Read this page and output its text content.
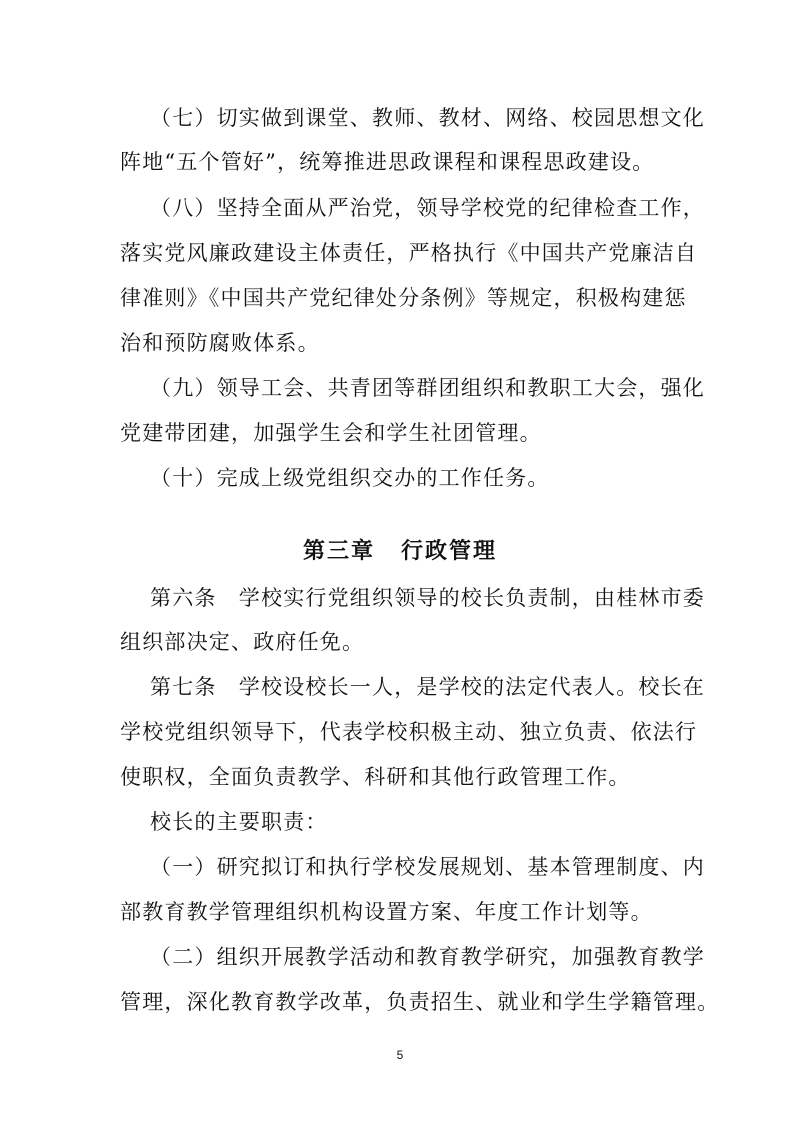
（七）切实做到课堂、教师、教材、网络、校园思想文化
阵地“五个管好”，统筹推进思政课程和课程思政建设。
（八）坚持全面从严治党，领导学校党的纪律检查工作，
落实党风廉政建设主体责任，严格执行《中国共产党廉洁自
律准则》《中国共产党纪律处分条例》等规定，积极构建惩
治和预防腐败体系。
（九）领导工会、共青团等群团组织和教职工大会，强化
党建带团建，加强学生会和学生社团管理。
（十）完成上级党组织交办的工作任务。
第三章 行政管理
第六条　学校实行党组织领导的校长负责制，由桂林市委
组织部决定、政府任免。
第七条　学校设校长一人，是学校的法定代表人。校长在
学校党组织领导下，代表学校积极主动、独立负责、依法行
使职权，全面负责教学、科研和其他行政管理工作。
校长的主要职责：
（一）研究拟订和执行学校发展规划、基本管理制度、内
部教育教学管理组织机构设置方案、年度工作计划等。
（二）组织开展教学活动和教育教学研究，加强教育教学
管理，深化教育教学改革，负责招生、就业和学生学籍管理。
5
